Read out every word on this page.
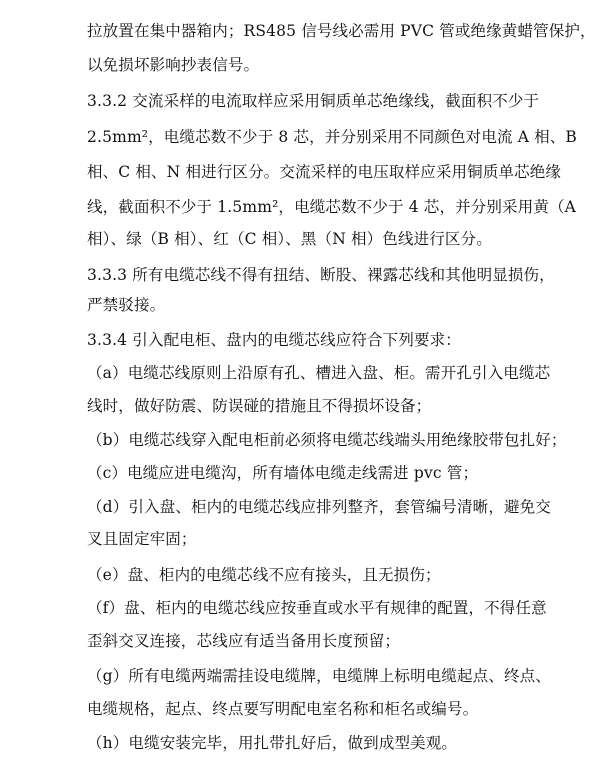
拉放置在集中器箱内；RS485 信号线必需用 PVC 管或绝缘黄蜡管保护，
以免损坏影响抄表信号。
3.3.2 交流采样的电流取样应采用铜质单芯绝缘线，截面积不少于
2.5mm²，电缆芯数不少于 8 芯，并分别采用不同颜色对电流 A 相、B
相、C 相、N 相进行区分。交流采样的电压取样应采用铜质单芯绝缘
线，截面积不少于 1.5mm²，电缆芯数不少于 4 芯，并分别采用黄（A
相）、绿（B 相）、红（C 相）、黑（N 相）色线进行区分。
3.3.3 所有电缆芯线不得有扭结、断股、裸露芯线和其他明显损伤，
严禁驳接。
3.3.4 引入配电柜、盘内的电缆芯线应符合下列要求：
（a）电缆芯线原则上沿原有孔、槽进入盘、柜。需开孔引入电缆芯
线时，做好防震、防误碰的措施且不得损坏设备；
（b）电缆芯线穿入配电柜前必须将电缆芯线端头用绝缘胶带包扎好；
（c）电缆应进电缆沟，所有墙体电缆走线需进 pvc 管；
（d）引入盘、柜内的电缆芯线应排列整齐，套管编号清晰，避免交
叉且固定牢固；
（e）盘、柜内的电缆芯线不应有接头，且无损伤；
（f）盘、柜内的电缆芯线应按垂直或水平有规律的配置，不得任意
歪斜交叉连接，芯线应有适当备用长度预留；
（g）所有电缆两端需挂设电缆牌，电缆牌上标明电缆起点、终点、
电缆规格，起点、终点要写明配电室名称和柜名或编号。
（h）电缆安装完毕，用扎带扎好后，做到成型美观。
